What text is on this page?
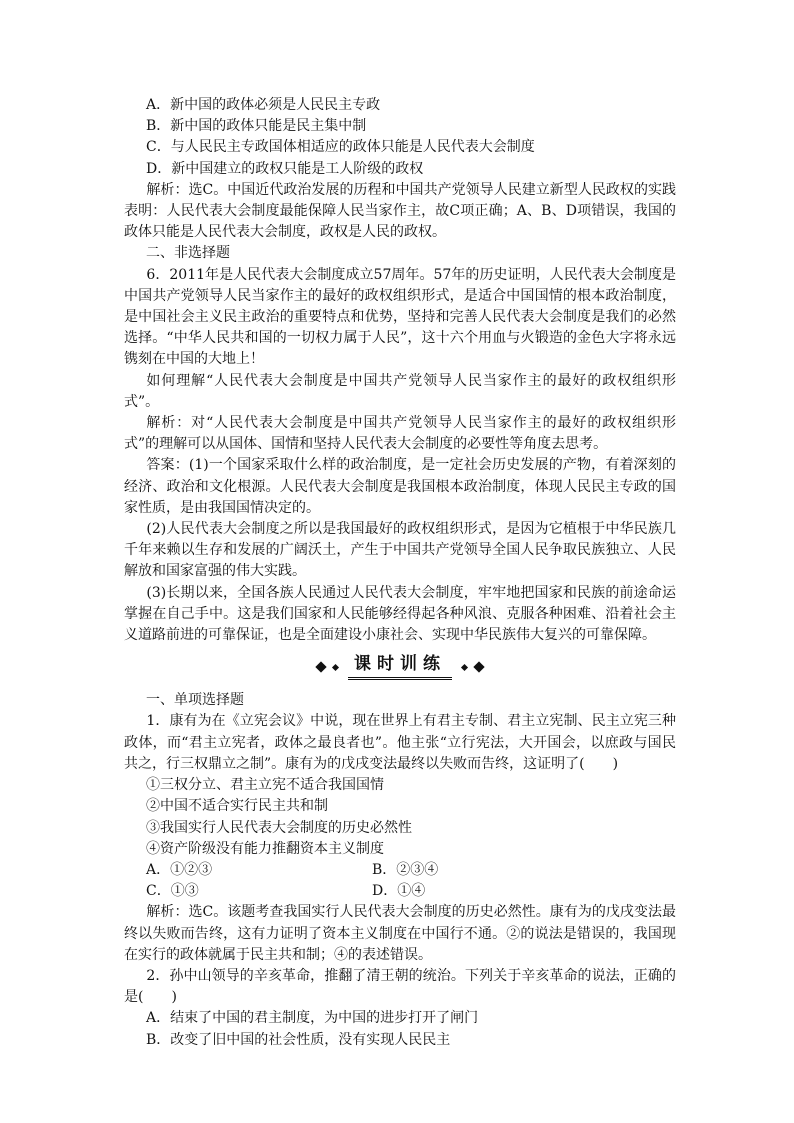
A．新中国的政体必须是人民民主专政

B．新中国的政体只能是民主集中制

C．与人民民主专政国体相适应的政体只能是人民代表大会制度

D．新中国建立的政权只能是工人阶级的政权

解析：选C。中国近代政治发展的历程和中国共产党领导人民建立新型人民政权的实践表明：人民代表大会制度最能保障人民当家作主，故C项正确；A、B、D项错误，我国的政体只能是人民代表大会制度，政权是人民的政权。

二、非选择题

6．2011年是人民代表大会制度成立57周年。57年的历史证明，人民代表大会制度是中国共产党领导人民当家作主的最好的政权组织形式，是适合中国国情的根本政治制度，是中国社会主义民主政治的重要特点和优势，坚持和完善人民代表大会制度是我们的必然选择。“中华人民共和国的一切权力属于人民”，这十六个用血与火锻造的金色大字将永远镌刻在中国的大地上！

如何理解“人民代表大会制度是中国共产党领导人民当家作主的最好的政权组织形式”。

解析：对“人民代表大会制度是中国共产党领导人民当家作主的最好的政权组织形式”的理解可以从国体、国情和坚持人民代表大会制度的必要性等角度去思考。

答案：(1)一个国家采取什么样的政治制度，是一定社会历史发展的产物，有着深刻的经济、政治和文化根源。人民代表大会制度是我国根本政治制度，体现人民民主专政的国家性质，是由我国国情决定的。

(2)人民代表大会制度之所以是我国最好的政权组织形式，是因为它植根于中华民族几千年来赖以生存和发展的广阔沃土，产生于中国共产党领导全国人民争取民族独立、人民解放和国家富强的伟大实践。

(3)长期以来，全国各族人民通过人民代表大会制度，牢牢地把国家和民族的前途命运掌握在自己手中。这是我们国家和人民能够经得起各种风浪、克服各种困难、沿着社会主义道路前进的可靠保证，也是全面建设小康社会、实现中华民族伟大复兴的可靠保障。

课时训练

一、单项选择题

1．康有为在《立宪会议》中说，现在世界上有君主专制、君主立宪制、民主立宪三种政体，而“君主立宪者，政体之最良者也”。他主张“立行宪法，大开国会，以庶政与国民共之，行三权鼎立之制”。康有为的戊戌变法最终以失败而告终，这证明了(　　)

①三权分立、君主立宪不适合我国国情

②中国不适合实行民主共和制

③我国实行人民代表大会制度的历史必然性

④资产阶级没有能力推翻资本主义制度

A．①②③	B．②③④
C．①③	D．①④

解析：选C。该题考查我国实行人民代表大会制度的历史必然性。康有为的戊戌变法最终以失败而告终，这有力证明了资本主义制度在中国行不通。②的说法是错误的，我国现在实行的政体就属于民主共和制；④的表述错误。

2．孙中山领导的辛亥革命，推翻了清王朝的统治。下列关于辛亥革命的说法，正确的是(　　)

A．结束了中国的君主制度，为中国的进步打开了闸门

B．改变了旧中国的社会性质，没有实现人民民主
